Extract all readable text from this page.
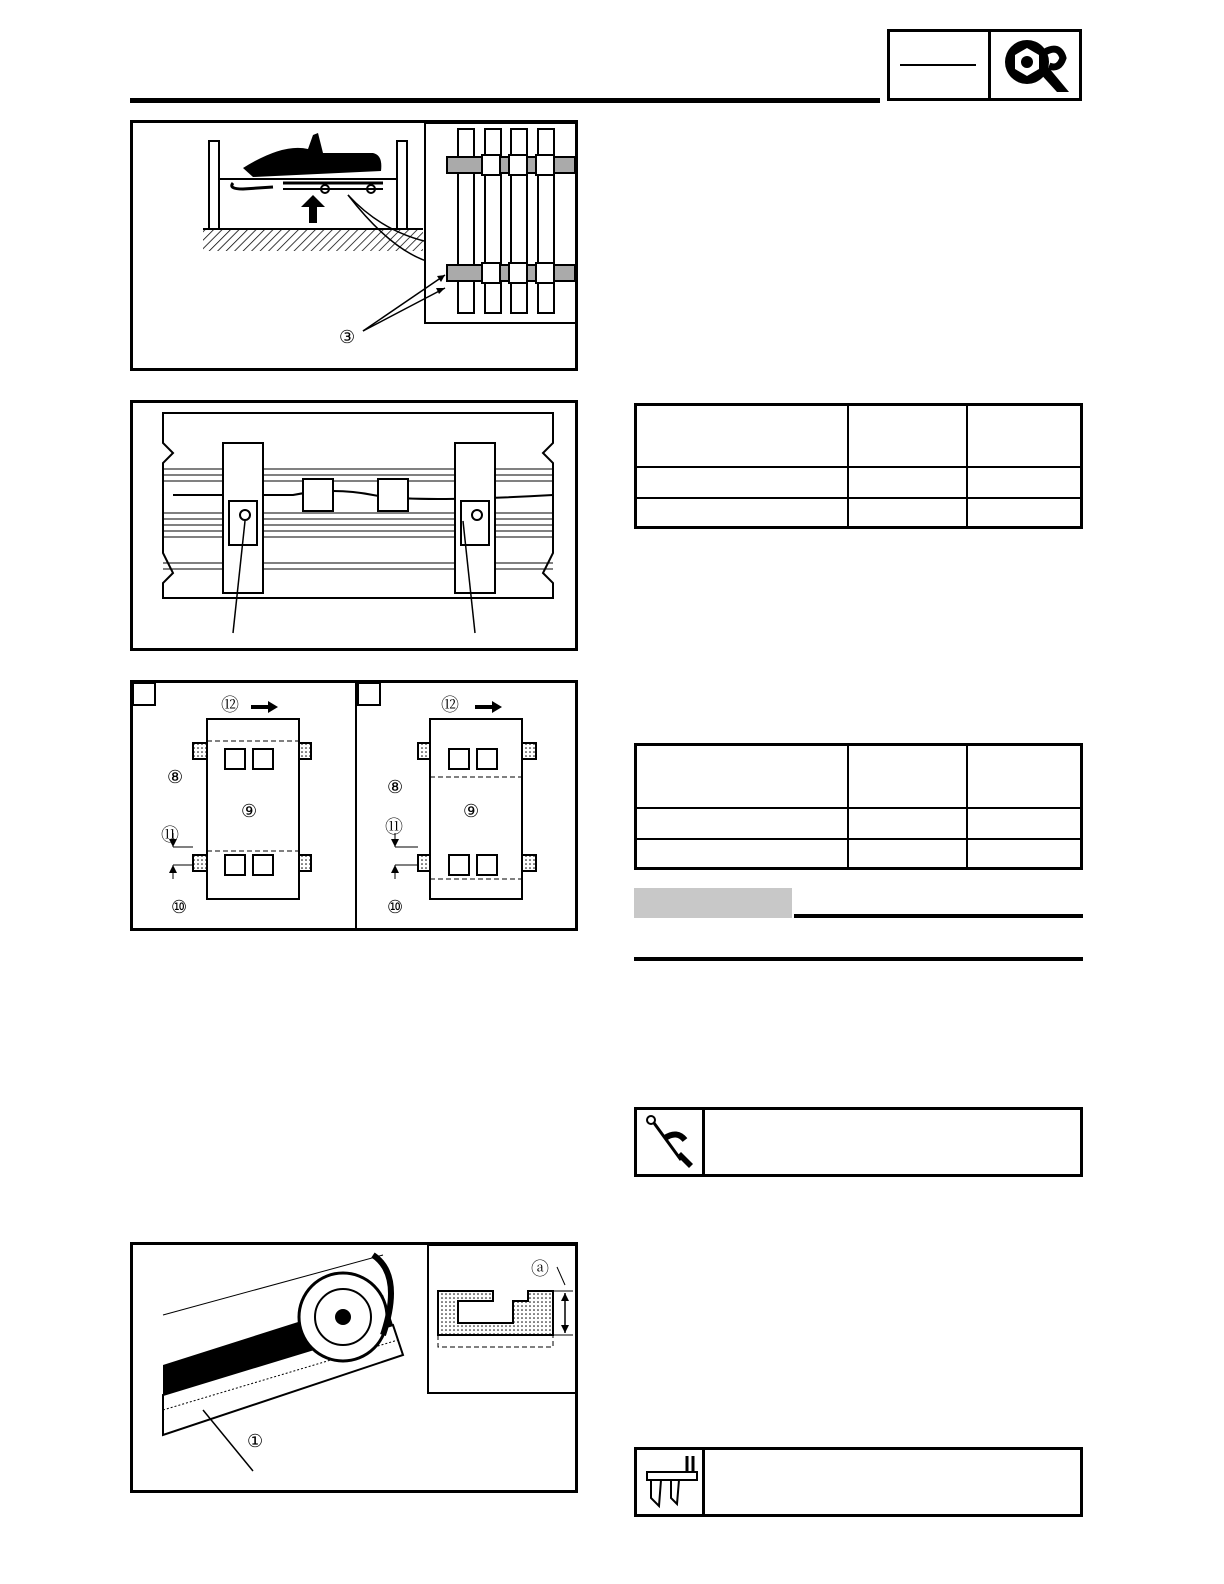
③
⑫
⑧
⑨
⑪
⑩
⑫
⑧
⑨
⑪
⑩
ⓐ
①
